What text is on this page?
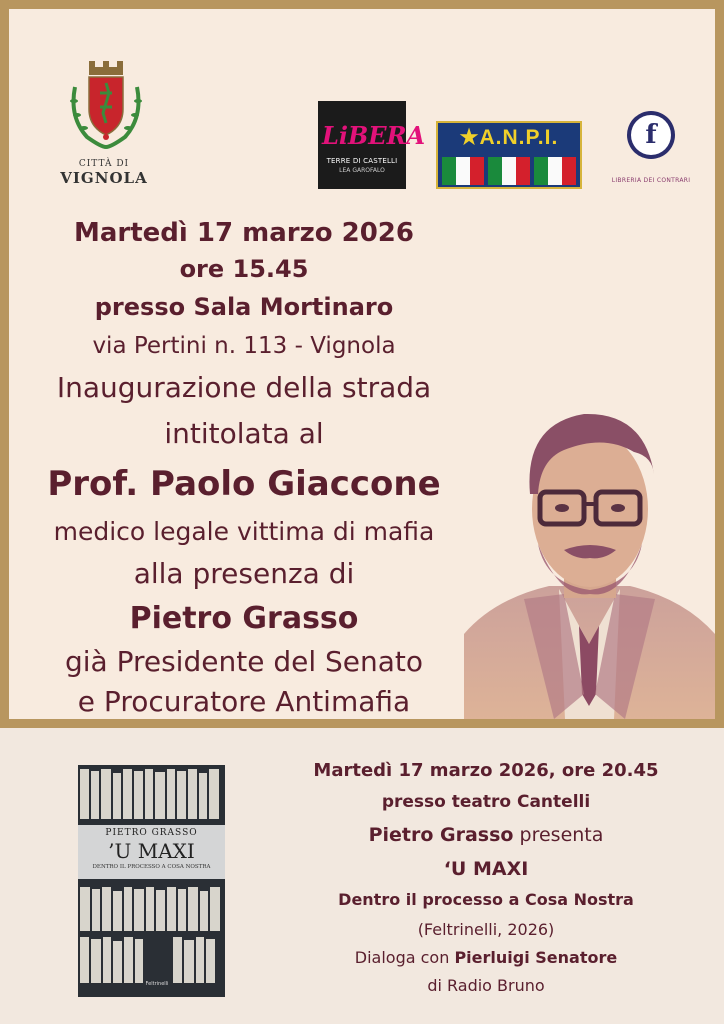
CITTÀ DI
VIGNOLA
LiBERA
TERRE DI CASTELLI
LEA GAROFALO
★A.N.P.I.	f
LIBRERIA DEI CONTRARI
Martedì 17 marzo 2026
ore 15.45
presso Sala Mortinaro
via Pertini n. 113 - Vignola
Inaugurazione della strada
intitolata al
Prof. Paolo Giaccone
medico legale vittima di mafia
alla presenza di
Pietro Grasso
già Presidente del Senato
e Procuratore Antimafia
PIETRO GRASSO
’U MAXI
DENTRO IL PROCESSO A COSA NOSTRA
Feltrinelli
Martedì 17 marzo 2026, ore 20.45
presso teatro Cantelli
Pietro Grasso presenta
‘U MAXI
Dentro il processo a Cosa Nostra
(Feltrinelli, 2026)
Dialoga con Pierluigi Senatore
di Radio Bruno
